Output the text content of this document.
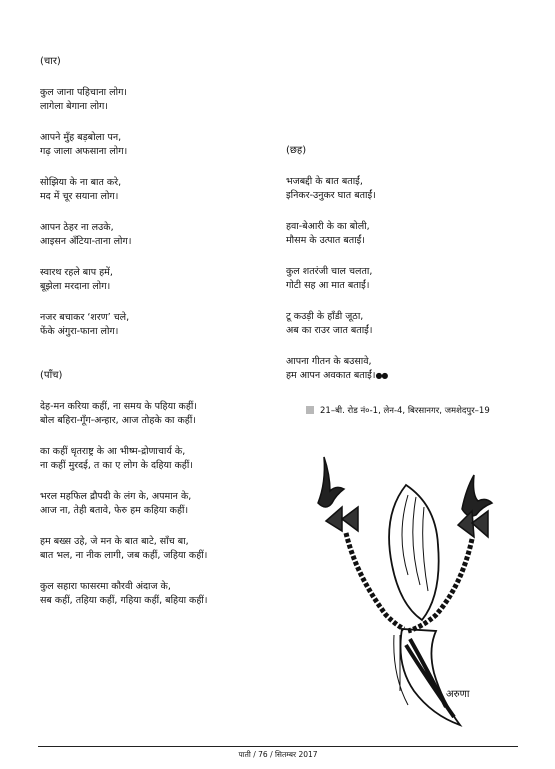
(चार)

कुल जाना पहिचाना लोग।

लागेला बेगाना लोग।

आपने मुँह बड़बोला पन,

गढ़ जाला अफसाना लोग।

सोझिया के ना बात करे,

मद में चूर सयाना लोग।

आपन ठेहर ना लउके,

आइसन अँटिया-ताना लोग।

स्वारथ रहले बाप हमें,

बूझेला मरदाना लोग।

नजर बचाकर ‘शरण’ चले,

फेंके अंगुरा-फाना लोग।

(पाँच)

देह-मन करिया कहीं, ना समय के पहिया कहीं।

बोल बहिरा-गूँग-अन्हार, आज तोहके का कहीं।

का कहीं धृतराष्ट्र के आ भीष्म-द्रोणाचार्य के,

ना कहीं मुरदई, त का ए लोग के दहिया कहीं।

भरल महफिल द्रौपदी के लंग के, अपमान के,

आज ना, तेही बतावे, फेरु हम कहिया कहीं।

हम बख्स उहे, जे मन के बात बाटे, साँच बा,

बात भल, ना नीक लागी, जब कहीं, जहिया कहीं।

कुल सहारा फासरमा कौरवी अंदाज के,

सब कहीं, तहिया कहीं, गहिया कहीं, बहिया कहीं।

(छह)

भजबद्दी के बात बताईं,

इनिकर-उनुकर घात बताईं।

हवा-बेआरी के का बोली,

मौसम के उत्पात बताईं।

कुल शतरंजी चाल चलता,

गोटी सह आ मात बताईं।

टू कउड़ी के हाँडी जूठा,

अब का राउर जात बताईं।

आपना गीतन के बउसावे,

हम आपन अवकात बताईं।

●●
21–बी. रोड नं०-1, लेन-4, बिरसानगर, जमशेदपुर–19
अरुणा
पाती / 76 / सितम्बर 2017
